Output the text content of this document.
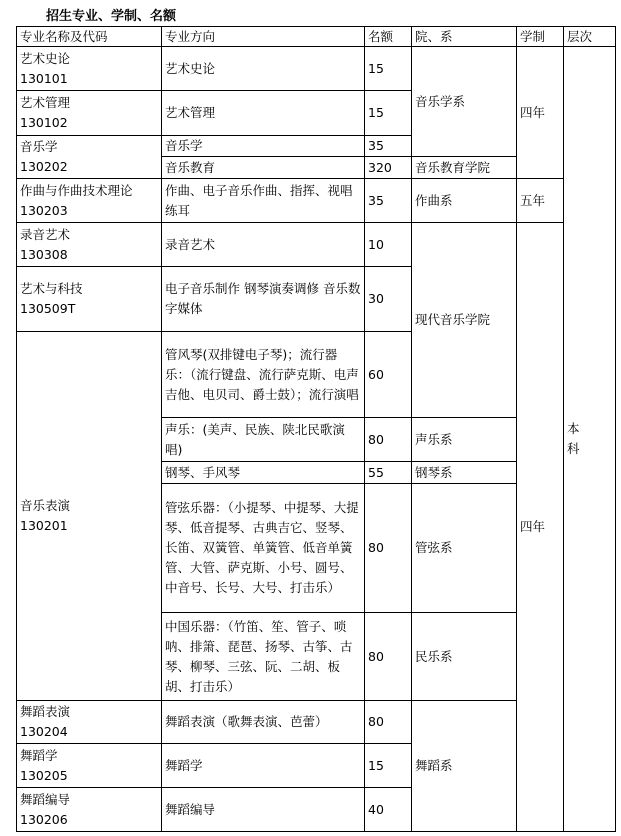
招生专业、学制、名额
专业名称及代码	专业方向	名额	院、系	学制	层次
艺术史论
130101	艺术史论	15	音乐学系	四年	本科

艺术管理
130102	艺术管理	15			
音乐学
130202	音乐学	35			
	音乐教育	320	音乐教育学院		
作曲与作曲技术理论
130203	作曲、电子音乐作曲、指挥、视唱练耳	35	作曲系	五年	
录音艺术
130308	录音艺术	10	现代音乐学院	四年	
艺术与科技
130509T	电子音乐制作 钢琴演奏调修 音乐数字媒体	30			
音乐表演
130201	管风琴(双排键电子琴)；流行器乐：（流行键盘、流行萨克斯、电声吉他、电贝司、爵士鼓）；流行演唱	60			
	声乐：(美声、民族、陕北民歌演唱)	80	声乐系		
	钢琴、手风琴	55	钢琴系		
	管弦乐器：（小提琴、中提琴、大提琴、低音提琴、古典吉它、竖琴、长笛、双簧管、单簧管、低音单簧管、大管、萨克斯、小号、圆号、中音号、长号、大号、打击乐）	80	管弦系		
	中国乐器：（竹笛、笙、管子、唢呐、排箫、琵琶、扬琴、古筝、古琴、柳琴、三弦、阮、二胡、板胡、打击乐）	80	民乐系		
舞蹈表演
130204	舞蹈表演（歌舞表演、芭蕾）	80	舞蹈系		
舞蹈学
130205	舞蹈学	15			
舞蹈编导
130206	舞蹈编导	40			
